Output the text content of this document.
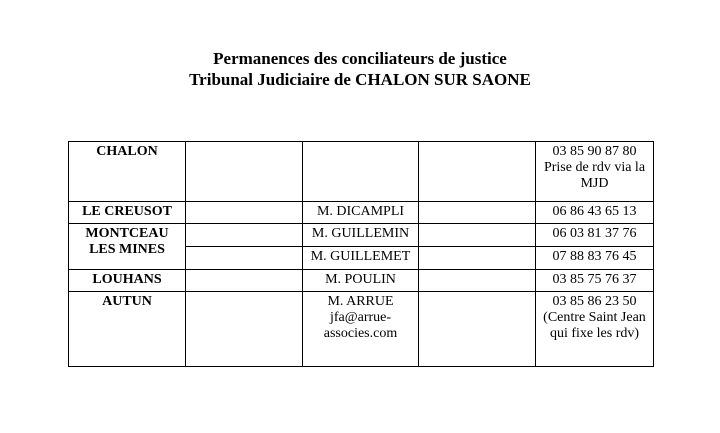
Permanences des conciliateurs de justice
Tribunal Judiciaire de CHALON SUR SAONE
CHALON				03 85 90 87 80
Prise de rdv via la
MJD
LE CREUSOT		M. DICAMPLI		06 86 43 65 13
MONTCEAU
LES MINES		M. GUILLEMIN		06 03 81 37 76
		M. GUILLEMET		07 88 83 76 45
LOUHANS		M. POULIN		03 85 75 76 37
AUTUN		M. ARRUE
jfa@arrue-
associes.com		03 85 86 23 50
(Centre Saint Jean
qui fixe les rdv)
